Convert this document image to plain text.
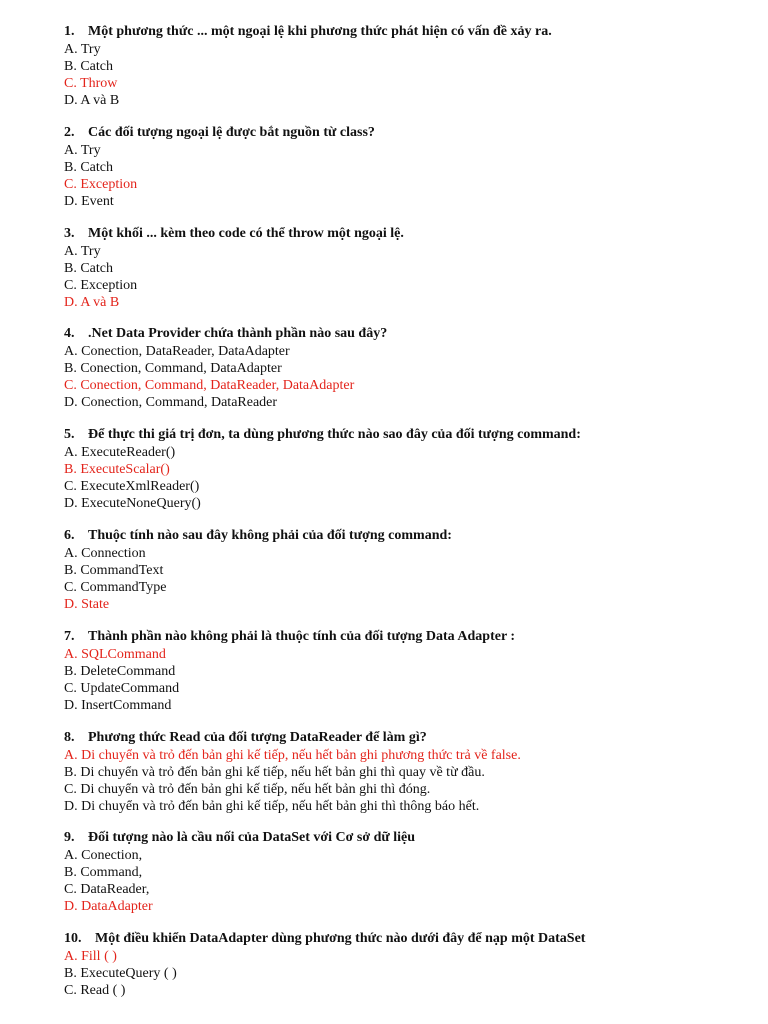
1. Một phương thức ... một ngoại lệ khi phương thức phát hiện có vấn đề xảy ra.
A. Try
B. Catch
C. Throw
D. A và B
2. Các đối tượng ngoại lệ được bắt nguồn từ class?
A. Try
B. Catch
C. Exception
D. Event
3. Một khối ... kèm theo code có thể throw một ngoại lệ.
A. Try
B. Catch
C. Exception
D. A và B
4. .Net Data Provider chứa thành phần nào sau đây?
A. Conection, DataReader, DataAdapter
B. Conection, Command, DataAdapter
C. Conection, Command, DataReader, DataAdapter
D. Conection, Command, DataReader
5. Để thực thi giá trị đơn, ta dùng phương thức nào sao đây của đối tượng command:
A. ExecuteReader()
B. ExecuteScalar()
C. ExecuteXmlReader()
D. ExecuteNoneQuery()
6. Thuộc tính nào sau đây không phải của đối tượng command:
A. Connection
B. CommandText
C. CommandType
D. State
7. Thành phần nào không phải là thuộc tính của đối tượng Data Adapter :
A. SQLCommand
B. DeleteCommand
C. UpdateCommand
D. InsertCommand
8. Phương thức Read của đối tượng DataReader để làm gì?
A. Di chuyển và trỏ đến bản ghi kế tiếp, nếu hết bản ghi phương thức trả về false.
B. Di chuyển và trỏ đến bản ghi kế tiếp, nếu hết bản ghi thì quay về từ đầu.
C. Di chuyển và trỏ đến bản ghi kế tiếp, nếu hết bản ghi thì đóng.
D. Di chuyển và trỏ đến bản ghi kế tiếp, nếu hết bản ghi thì thông báo hết.
9. Đối tượng nào là cầu nối của DataSet với Cơ sở dữ liệu
A. Conection,
B. Command,
C. DataReader,
D. DataAdapter
10. Một điều khiển DataAdapter dùng phương thức nào dưới đây để nạp một DataSet
A. Fill ( )
B. ExecuteQuery ( )
C. Read ( )
